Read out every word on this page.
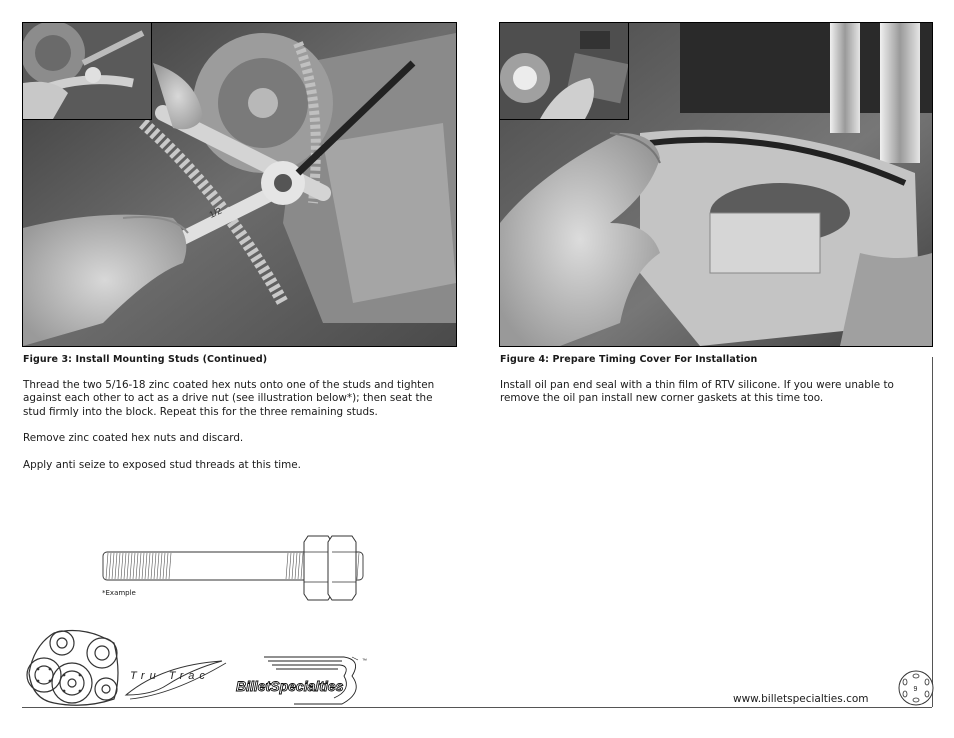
1/2
Figure 3: Install Mounting Studs (Continued)

Thread the two 5/16-18 zinc coated hex nuts onto one of the studs and tighten against each other to act as a drive nut (see illustration below*); then seat the stud firmly into the block. Repeat this for the three remaining studs.

Remove zinc coated hex nuts and discard.

Apply anti seize to exposed stud threads at this time.

*Example
Figure 4: Prepare Timing Cover For Installation

Install oil pan end seal with a thin film of RTV silicone. If you were unable to remove the oil pan install new corner gaskets at this time too.

Tru Trac
™
BilletSpecialties
www.billetspecialties.com
9
